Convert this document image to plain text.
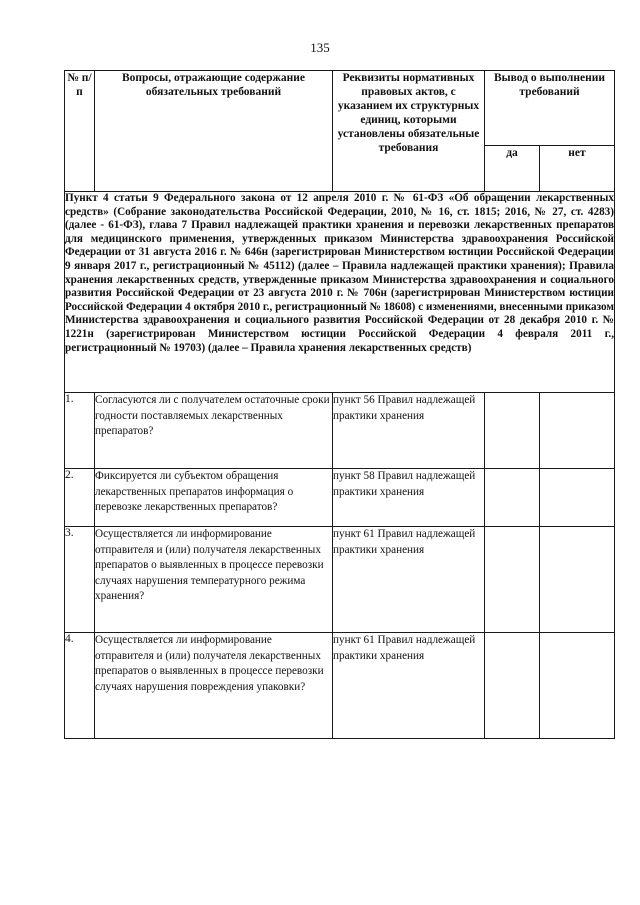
135
№ п/п	Вопросы, отражающие содержание обязательных требований	Реквизиты нормативных правовых актов, с указанием их структурных единиц, которыми установлены обязательные требования	Вывод о выполнении требований	
			да	нет
Пункт 4 статьи 9 Федерального закона от 12 апреля 2010 г. № 61-ФЗ «Об обращении лекарственных средств» (Собрание законодательства Российской Федерации, 2010, № 16, ст. 1815; 2016, № 27, ст. 4283) (далее - 61-ФЗ), глава 7 Правил надлежащей практики хранения и перевозки лекарственных препаратов для медицинского применения, утвержденных приказом Министерства здравоохранения Российской Федерации от 31 августа 2016 г. № 646н (зарегистрирован Министерством юстиции Российской Федерации 9 января 2017 г., регистрационный № 45112) (далее – Правила надлежащей практики хранения); Правила хранения лекарственных средств, утвержденные приказом Министерства здравоохранения и социального развития Российской Федерации от 23 августа 2010 г. № 706н (зарегистрирован Министерством юстиции Российской Федерации 4 октября 2010 г., регистрационный № 18608) с изменениями, внесенными приказом Министерства здравоохранения и социального развития Российской Федерации от 28 декабря 2010 г. № 1221н (зарегистрирован Министерством юстиции Российской Федерации 4 февраля 2011 г., регистрационный № 19703) (далее – Правила хранения лекарственных средств)				
1.	Согласуются ли с получателем остаточные сроки годности поставляемых лекарственных препаратов?	пункт 56 Правил надлежащей практики хранения		
2.	Фиксируется ли субъектом обращения лекарственных препаратов информация о перевозке лекарственных препаратов?	пункт 58 Правил надлежащей практики хранения		
3.	Осуществляется ли информирование отправителя и (или) получателя лекарственных препаратов о выявленных в процессе перевозки случаях нарушения температурного режима хранения?	пункт 61 Правил надлежащей практики хранения		
4.	Осуществляется ли информирование отправителя и (или) получателя лекарственных препаратов о выявленных в процессе перевозки случаях нарушения повреждения упаковки?	пункт 61 Правил надлежащей практики хранения		
